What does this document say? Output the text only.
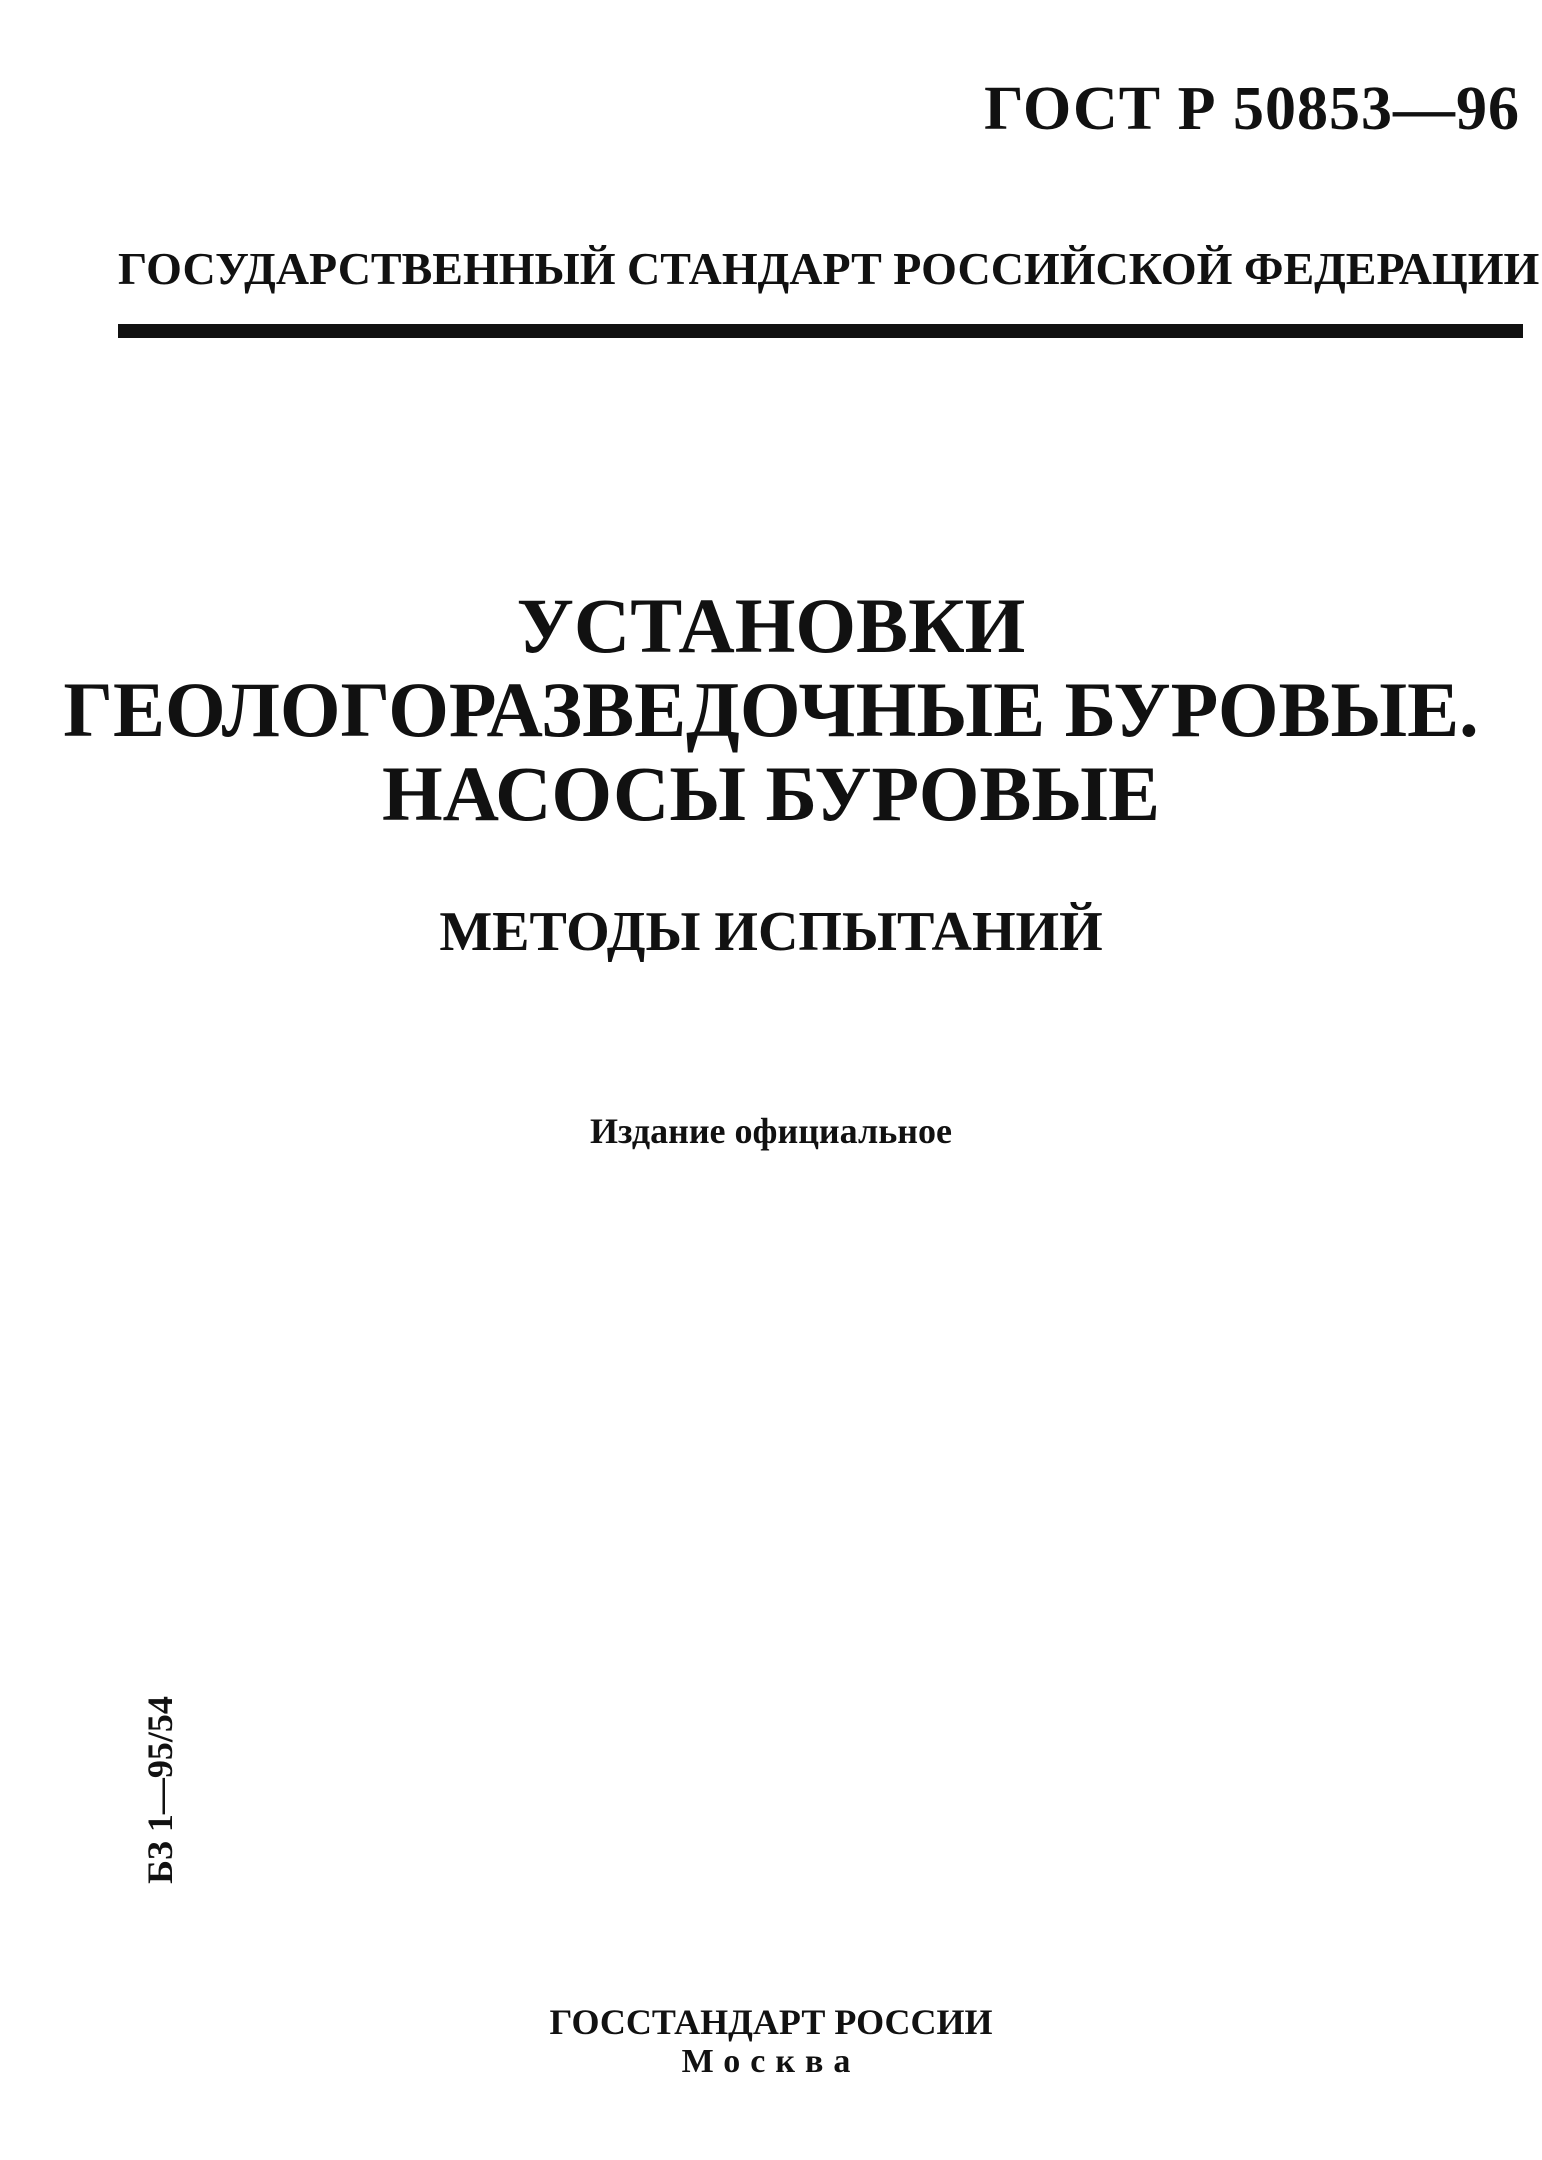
ГОСТ Р 50853—96
ГОСУДАРСТВЕННЫЙ СТАНДАРТ РОССИЙСКОЙ ФЕДЕРАЦИИ
УСТАНОВКИ
ГЕОЛОГОРАЗВЕДОЧНЫЕ БУРОВЫЕ.
НАСОСЫ БУРОВЫЕ
МЕТОДЫ ИСПЫТАНИЙ
Издание официальное
БЗ 1—95/54
ГОССТАНДАРТ РОССИИ
Москва
